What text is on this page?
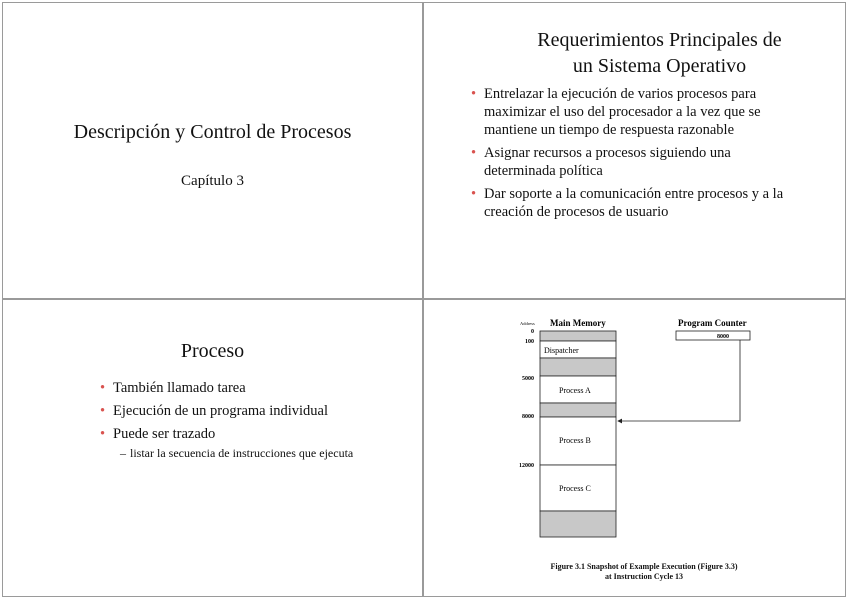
Descripción y Control de Procesos
Capítulo 3
Requerimientos Principales de
un Sistema Operativo
• Entrelazar la ejecución de varios procesos para maximizar el uso del procesador a la vez que se mantiene un tiempo de respuesta razonable
• Asignar recursos a procesos siguiendo una determinada política
• Dar soporte a la comunicación entre procesos y a la creación de procesos de usuario
Proceso
• También llamado tarea
• Ejecución de un programa individual
• Puede ser trazado
– listar la secuencia de instrucciones que ejecuta
Address Main Memory	Program Counter
8000
Dispatcher
Process A
Process B
Process C
0
100
5000
8000
12000
Figure 3.1 Snapshot of Example Execution (Figure 3.3)
at Instruction Cycle 13
